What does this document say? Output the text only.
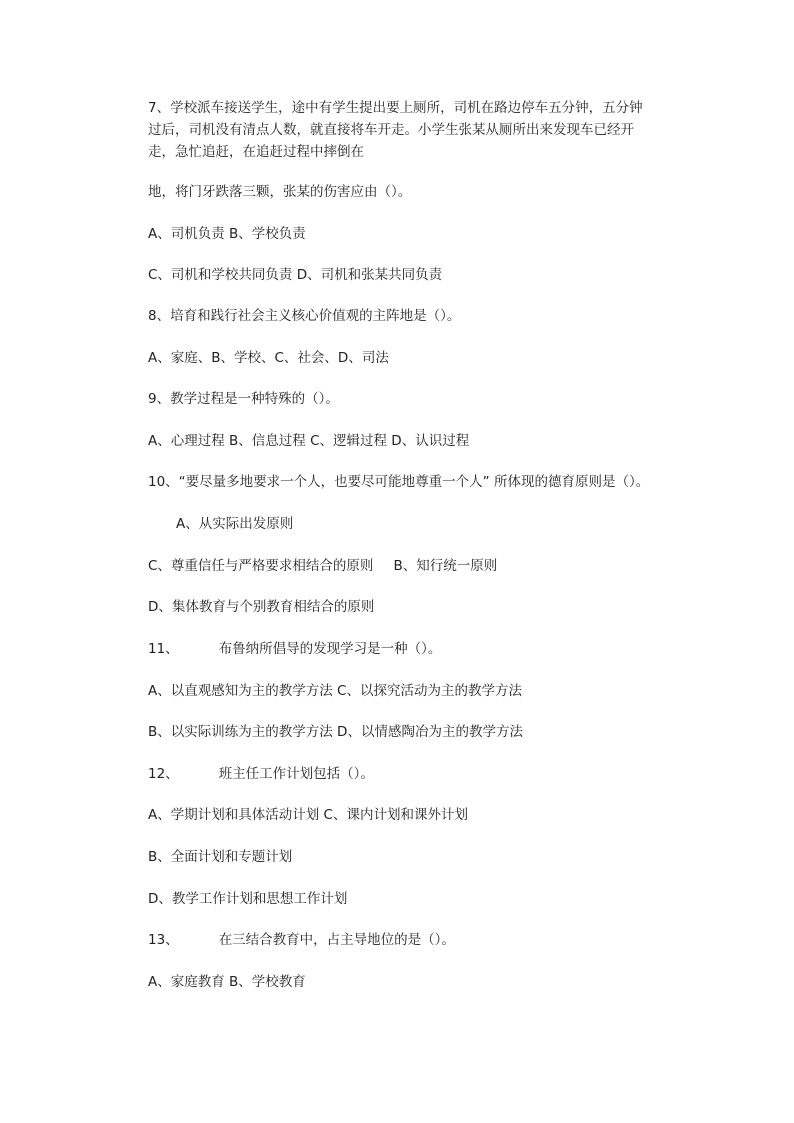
7、学校派车接送学生，途中有学生提出要上厕所，司机在路边停车五分钟，五分钟过后，司机没有清点人数，就直接将车开走。小学生张某从厕所出来发现车已经开走，急忙追赶，在追赶过程中摔倒在
地，将门牙跌落三颗，张某的伤害应由（）。
A、司机负责 B、学校负责
C、司机和学校共同负责 D、司机和张某共同负责
8、培育和践行社会主义核心价值观的主阵地是（）。
A、家庭、B、学校、C、社会、D、司法
9、教学过程是一种特殊的（）。
A、心理过程 B、信息过程 C、逻辑过程 D、认识过程
10、“要尽量多地要求一个人，也要尽可能地尊重一个人” 所体现的德育原则是（）。
A、从实际出发原则
C、尊重信任与严格要求相结合的原则 B、知行统一原则
D、集体教育与个别教育相结合的原则
11、	布鲁纳所倡导的发现学习是一种（）。
A、以直观感知为主的教学方法 C、以探究活动为主的教学方法
B、以实际训练为主的教学方法 D、以情感陶冶为主的教学方法
12、	班主任工作计划包括（）。
A、学期计划和具体活动计划 C、课内计划和课外计划
B、全面计划和专题计划
D、教学工作计划和思想工作计划
13、	在三结合教育中，占主导地位的是（）。
A、家庭教育 B、学校教育
